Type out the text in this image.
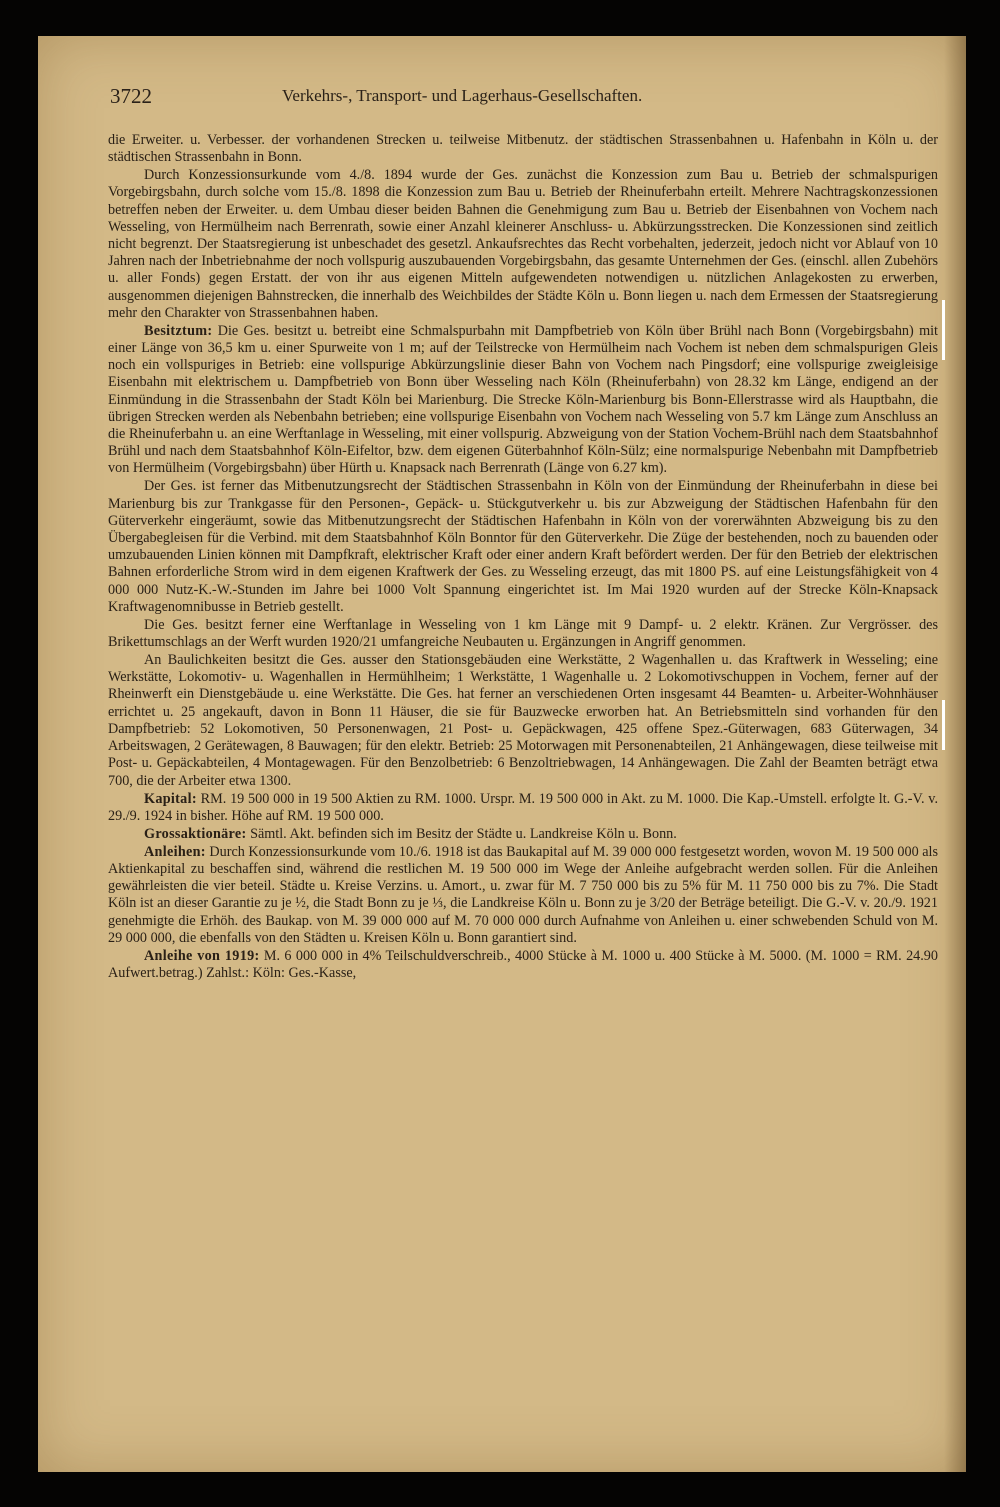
3722	Verkehrs-, Transport- und Lagerhaus-Gesellschaften.

die Erweiter. u. Verbesser. der vorhandenen Strecken u. teilweise Mitbenutz. der städtischen Strassenbahnen u. Hafenbahn in Köln u. der städtischen Strassenbahn in Bonn.

Durch Konzessionsurkunde vom 4./8. 1894 wurde der Ges. zunächst die Konzession zum Bau u. Betrieb der schmalspurigen Vorgebirgsbahn, durch solche vom 15./8. 1898 die Konzession zum Bau u. Betrieb der Rheinuferbahn erteilt. Mehrere Nachtragskonzessionen betreffen neben der Erweiter. u. dem Umbau dieser beiden Bahnen die Genehmigung zum Bau u. Betrieb der Eisenbahnen von Vochem nach Wesseling, von Hermülheim nach Berrenrath, sowie einer Anzahl kleinerer Anschluss- u. Abkürzungsstrecken. Die Konzessionen sind zeitlich nicht begrenzt. Der Staatsregierung ist unbeschadet des gesetzl. Ankaufsrechtes das Recht vorbehalten, jederzeit, jedoch nicht vor Ablauf von 10 Jahren nach der Inbetriebnahme der noch vollspurig auszubauenden Vorgebirgsbahn, das gesamte Unternehmen der Ges. (einschl. allen Zubehörs u. aller Fonds) gegen Erstatt. der von ihr aus eigenen Mitteln aufgewendeten notwendigen u. nützlichen Anlagekosten zu erwerben, ausgenommen diejenigen Bahnstrecken, die innerhalb des Weichbildes der Städte Köln u. Bonn liegen u. nach dem Ermessen der Staatsregierung mehr den Charakter von Strassenbahnen haben.

Besitztum: Die Ges. besitzt u. betreibt eine Schmalspurbahn mit Dampfbetrieb von Köln über Brühl nach Bonn (Vorgebirgsbahn) mit einer Länge von 36,5 km u. einer Spurweite von 1 m; auf der Teilstrecke von Hermülheim nach Vochem ist neben dem schmalspurigen Gleis noch ein vollspuriges in Betrieb: eine vollspurige Abkürzungslinie dieser Bahn von Vochem nach Pingsdorf; eine vollspurige zweigleisige Eisenbahn mit elektrischem u. Dampfbetrieb von Bonn über Wesseling nach Köln (Rheinuferbahn) von 28.32 km Länge, endigend an der Einmündung in die Strassenbahn der Stadt Köln bei Marienburg. Die Strecke Köln-Marienburg bis Bonn-Ellerstrasse wird als Hauptbahn, die übrigen Strecken werden als Nebenbahn betrieben; eine vollspurige Eisenbahn von Vochem nach Wesseling von 5.7 km Länge zum Anschluss an die Rheinuferbahn u. an eine Werftanlage in Wesseling, mit einer vollspurig. Abzweigung von der Station Vochem-Brühl nach dem Staatsbahnhof Brühl und nach dem Staatsbahnhof Köln-Eifeltor, bzw. dem eigenen Güterbahnhof Köln-Sülz; eine normalspurige Nebenbahn mit Dampfbetrieb von Hermülheim (Vorgebirgsbahn) über Hürth u. Knapsack nach Berrenrath (Länge von 6.27 km).

Der Ges. ist ferner das Mitbenutzungsrecht der Städtischen Strassenbahn in Köln von der Einmündung der Rheinuferbahn in diese bei Marienburg bis zur Trankgasse für den Personen-, Gepäck- u. Stückgutverkehr u. bis zur Abzweigung der Städtischen Hafenbahn für den Güterverkehr eingeräumt, sowie das Mitbenutzungsrecht der Städtischen Hafenbahn in Köln von der vorerwähnten Abzweigung bis zu den Übergabegleisen für die Verbind. mit dem Staatsbahnhof Köln Bonntor für den Güterverkehr. Die Züge der bestehenden, noch zu bauenden oder umzubauenden Linien können mit Dampfkraft, elektrischer Kraft oder einer andern Kraft befördert werden. Der für den Betrieb der elektrischen Bahnen erforderliche Strom wird in dem eigenen Kraftwerk der Ges. zu Wesseling erzeugt, das mit 1800 PS. auf eine Leistungsfähigkeit von 4 000 000 Nutz-K.-W.-Stunden im Jahre bei 1000 Volt Spannung eingerichtet ist. Im Mai 1920 wurden auf der Strecke Köln-Knapsack Kraftwagenomnibusse in Betrieb gestellt.

Die Ges. besitzt ferner eine Werftanlage in Wesseling von 1 km Länge mit 9 Dampf- u. 2 elektr. Kränen. Zur Vergrösser. des Brikettumschlags an der Werft wurden 1920/21 umfangreiche Neubauten u. Ergänzungen in Angriff genommen.

An Baulichkeiten besitzt die Ges. ausser den Stationsgebäuden eine Werkstätte, 2 Wagenhallen u. das Kraftwerk in Wesseling; eine Werkstätte, Lokomotiv- u. Wagenhallen in Hermühlheim; 1 Werkstätte, 1 Wagenhalle u. 2 Lokomotivschuppen in Vochem, ferner auf der Rheinwerft ein Dienstgebäude u. eine Werkstätte. Die Ges. hat ferner an verschiedenen Orten insgesamt 44 Beamten- u. Arbeiter-Wohnhäuser errichtet u. 25 angekauft, davon in Bonn 11 Häuser, die sie für Bauzwecke erworben hat. An Betriebsmitteln sind vorhanden für den Dampfbetrieb: 52 Lokomotiven, 50 Personenwagen, 21 Post- u. Gepäckwagen, 425 offene Spez.-Güterwagen, 683 Güterwagen, 34 Arbeitswagen, 2 Gerätewagen, 8 Bauwagen; für den elektr. Betrieb: 25 Motorwagen mit Personenabteilen, 21 Anhängewagen, diese teilweise mit Post- u. Gepäckabteilen, 4 Montagewagen. Für den Benzolbetrieb: 6 Benzoltriebwagen, 14 Anhängewagen. Die Zahl der Beamten beträgt etwa 700, die der Arbeiter etwa 1300.

Kapital: RM. 19 500 000 in 19 500 Aktien zu RM. 1000. Urspr. M. 19 500 000 in Akt. zu M. 1000. Die Kap.-Umstell. erfolgte lt. G.-V. v. 29./9. 1924 in bisher. Höhe auf RM. 19 500 000.

Grossaktionäre: Sämtl. Akt. befinden sich im Besitz der Städte u. Landkreise Köln u. Bonn.

Anleihen: Durch Konzessionsurkunde vom 10./6. 1918 ist das Baukapital auf M. 39 000 000 festgesetzt worden, wovon M. 19 500 000 als Aktienkapital zu beschaffen sind, während die restlichen M. 19 500 000 im Wege der Anleihe aufgebracht werden sollen. Für die Anleihen gewährleisten die vier beteil. Städte u. Kreise Verzins. u. Amort., u. zwar für M. 7 750 000 bis zu 5% für M. 11 750 000 bis zu 7%. Die Stadt Köln ist an dieser Garantie zu je ½, die Stadt Bonn zu je ⅓, die Landkreise Köln u. Bonn zu je 3/20 der Beträge beteiligt. Die G.-V. v. 20./9. 1921 genehmigte die Erhöh. des Baukap. von M. 39 000 000 auf M. 70 000 000 durch Aufnahme von Anleihen u. einer schwebenden Schuld von M. 29 000 000, die ebenfalls von den Städten u. Kreisen Köln u. Bonn garantiert sind.

Anleihe von 1919: M. 6 000 000 in 4% Teilschuldverschreib., 4000 Stücke à M. 1000 u. 400 Stücke à M. 5000. (M. 1000 = RM. 24.90 Aufwert.betrag.) Zahlst.: Köln: Ges.-Kasse,
